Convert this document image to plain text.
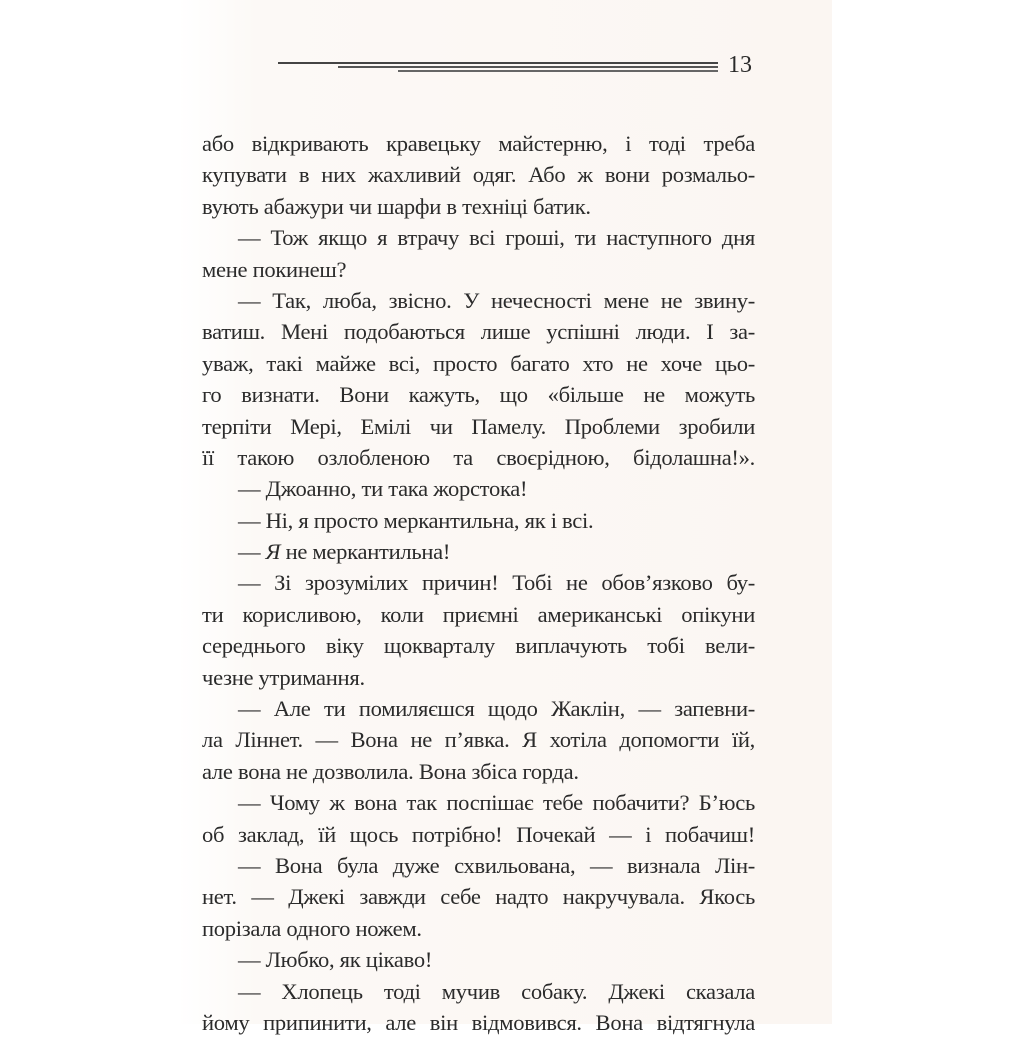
13
або відкривають кравецьку майстерню, і тоді треба
купувати в них жахливий одяг. Або ж вони розмальо-
вують абажури чи шарфи в техніці батик.
— Тож якщо я втрачу всі гроші, ти наступного дня
мене покинеш?
— Так, люба, звісно. У нечесності мене не звину-
ватиш. Мені подобаються лише успішні люди. І за-
уваж, такі майже всі, просто багато хто не хоче цьо-
го визнати. Вони кажуть, що «більше не можуть
терпіти Мері, Емілі чи Памелу. Проблеми зробили
її такою озлобленою та своєрідною, бідолашна!».
— Джоанно, ти така жорстока!
— Ні, я просто меркантильна, як і всі.
— Я не меркантильна!
— Зі зрозумілих причин! Тобі не обов’язково бу-
ти корисливою, коли приємні американські опікуни
середнього віку щокварталу виплачують тобі вели-
чезне утримання.
— Але ти помиляєшся щодо Жаклін, — запевни-
ла Ліннет. — Вона не п’явка. Я хотіла допомогти їй,
але вона не дозволила. Вона збіса горда.
— Чому ж вона так поспішає тебе побачити? Б’юсь
об заклад, їй щось потрібно! Почекай — і побачиш!
— Вона була дуже схвильована, — визнала Лін-
нет. — Джекі завжди себе надто накручувала. Якось
порізала одного ножем.
— Любко, як цікаво!
— Хлопець тоді мучив собаку. Джекі сказала
йому припинити, але він відмовився. Вона відтягнула
